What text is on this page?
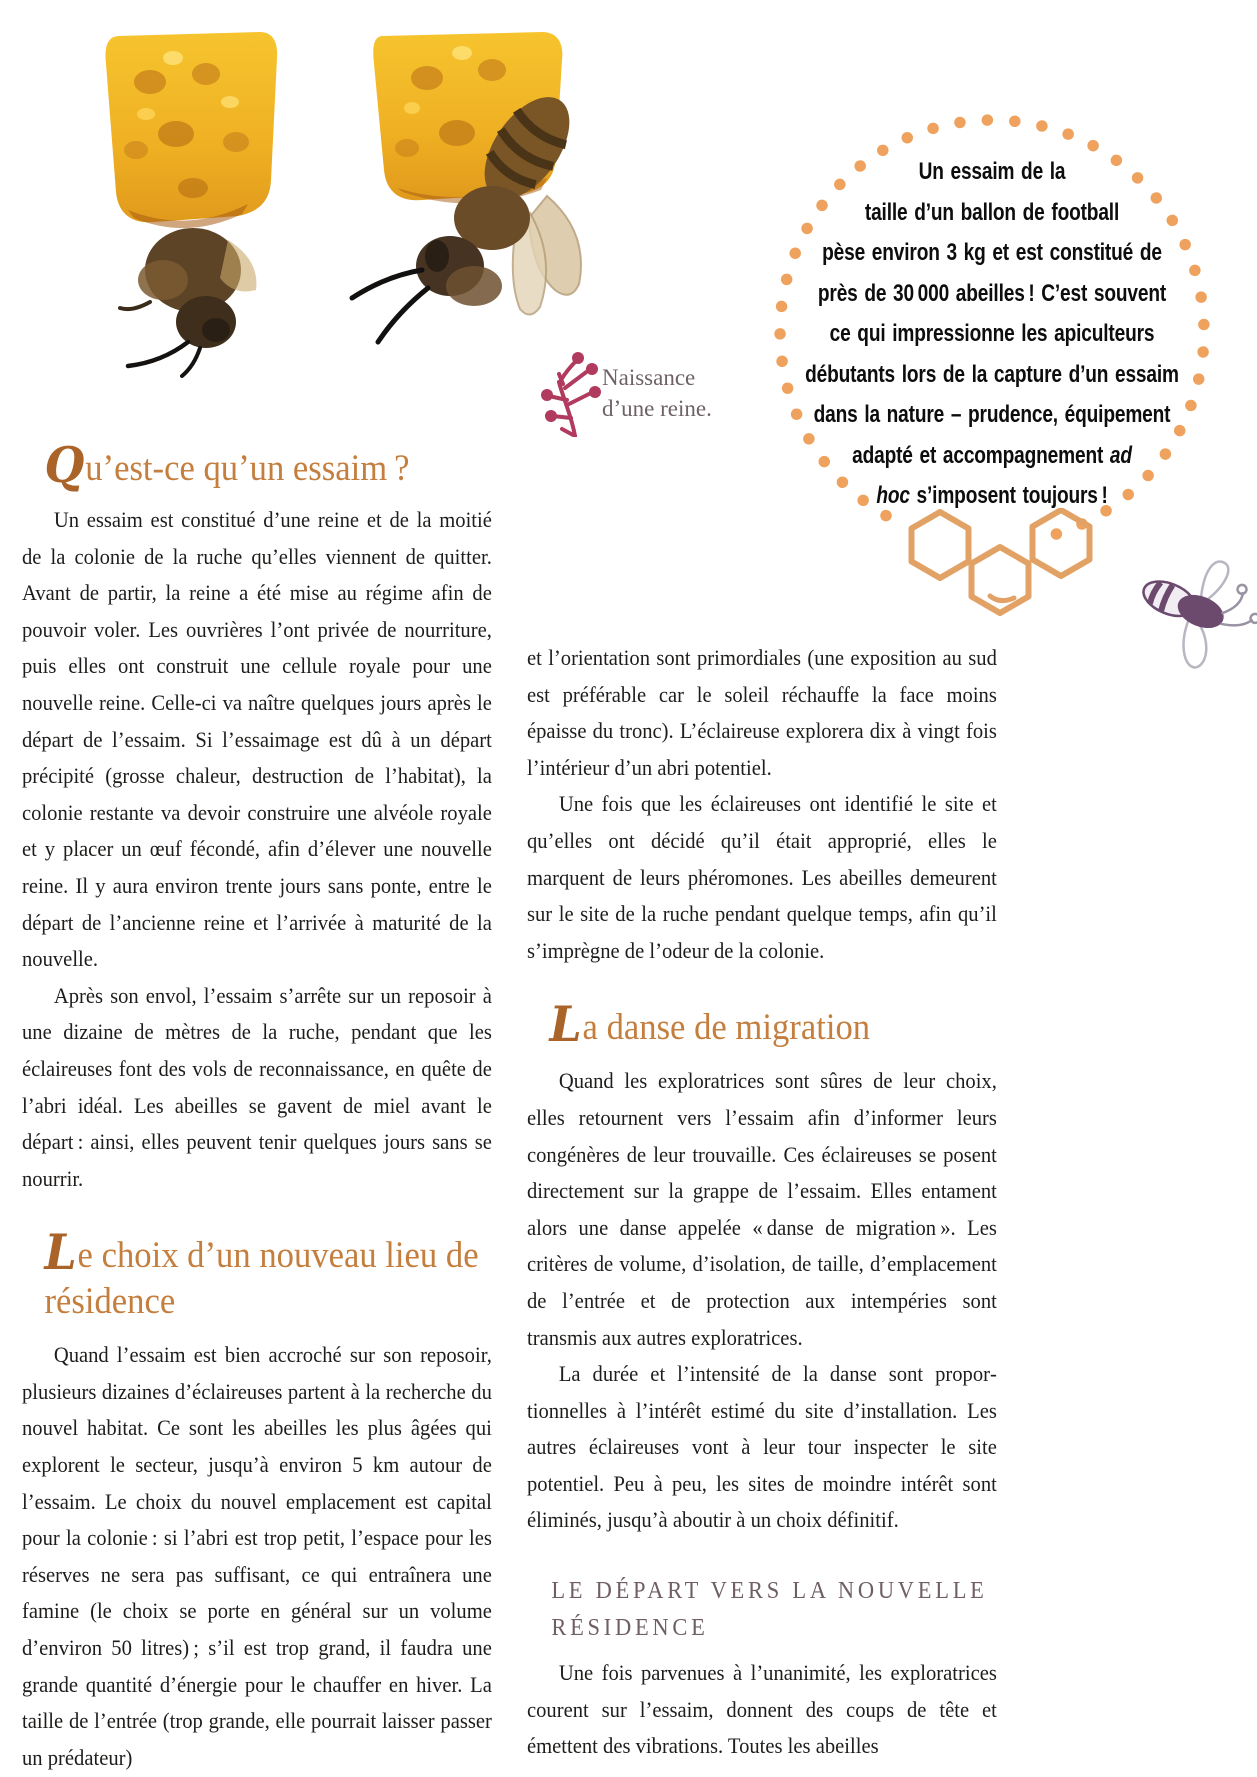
Naissance
d’une reine.
Un essaim de la
taille d’un ballon de football
pèse environ 3 kg et est constitué de
près de 30 000 abeilles ! C’est souvent
ce qui impressionne les apiculteurs
débutants lors de la capture d’un essaim
dans la nature – prudence, équipement
adapté et accompagnement ad
hoc s’imposent toujours !
Qu’est-ce qu’un essaim ?

Un essaim est constitué d’une reine et de la moitié de la colonie de la ruche qu’elles viennent de quitter. Avant de partir, la reine a été mise au régime afin de pouvoir voler. Les ouvrières l’ont privée de nourriture, puis elles ont construit une cellule royale pour une nouvelle reine. Celle-ci va naître quelques jours après le départ de l’essaim. Si l’essaimage est dû à un départ précipité (grosse chaleur, destruction de l’habitat), la colonie restante va devoir construire une alvéole royale et y placer un œuf fécondé, afin d’élever une nouvelle reine. Il y aura environ trente jours sans ponte, entre le départ de l’ancienne reine et l’arrivée à maturité de la nouvelle.

Après son envol, l’essaim s’arrête sur un reposoir à une dizaine de mètres de la ruche, pendant que les éclaireuses font des vols de reconnaissance, en quête de l’abri idéal. Les abeilles se gavent de miel avant le départ : ainsi, elles peuvent tenir quelques jours sans se nourrir.

Le choix d’un nouveau lieu de résidence

Quand l’essaim est bien accroché sur son reposoir, plusieurs dizaines d’éclaireuses partent à la recherche du nouvel habitat. Ce sont les abeilles les plus âgées qui explorent le secteur, jusqu’à environ 5 km autour de l’essaim. Le choix du nouvel emplacement est capital pour la colonie : si l’abri est trop petit, l’espace pour les réserves ne sera pas suffisant, ce qui entraînera une famine (le choix se porte en général sur un volume d’environ 50 litres) ; s’il est trop grand, il faudra une grande quantité d’énergie pour le chauffer en hiver. La taille de l’entrée (trop grande, elle pourrait laisser passer un prédateur)

et l’orientation sont primordiales (une exposition au sud est préférable car le soleil réchauffe la face moins épaisse du tronc). L’éclaireuse explorera dix à vingt fois l’intérieur d’un abri potentiel.

Une fois que les éclaireuses ont identifié le site et qu’elles ont décidé qu’il était approprié, elles le marquent de leurs phéromones. Les abeilles demeurent sur le site de la ruche pendant quelque temps, afin qu’il s’imprègne de l’odeur de la colonie.

La danse de migration

Quand les exploratrices sont sûres de leur choix, elles retournent vers l’essaim afin d’informer leurs congénères de leur trouvaille. Ces éclaireuses se posent directement sur la grappe de l’essaim. Elles entament alors une danse appelée « danse de migration ». Les critères de volume, d’isolation, de taille, d’emplacement de l’entrée et de protection aux intempéries sont transmis aux autres exploratrices.

La durée et l’intensité de la danse sont proportionnelles à l’intérêt estimé du site d’installation. Les autres éclaireuses vont à leur tour inspecter le site potentiel. Peu à peu, les sites de moindre intérêt sont éliminés, jusqu’à aboutir à un choix définitif.

LE DÉPART VERS LA NOUVELLE RÉSIDENCE

Une fois parvenues à l’unanimité, les exploratrices courent sur l’essaim, donnent des coups de tête et émettent des vibrations. Toutes les abeilles
